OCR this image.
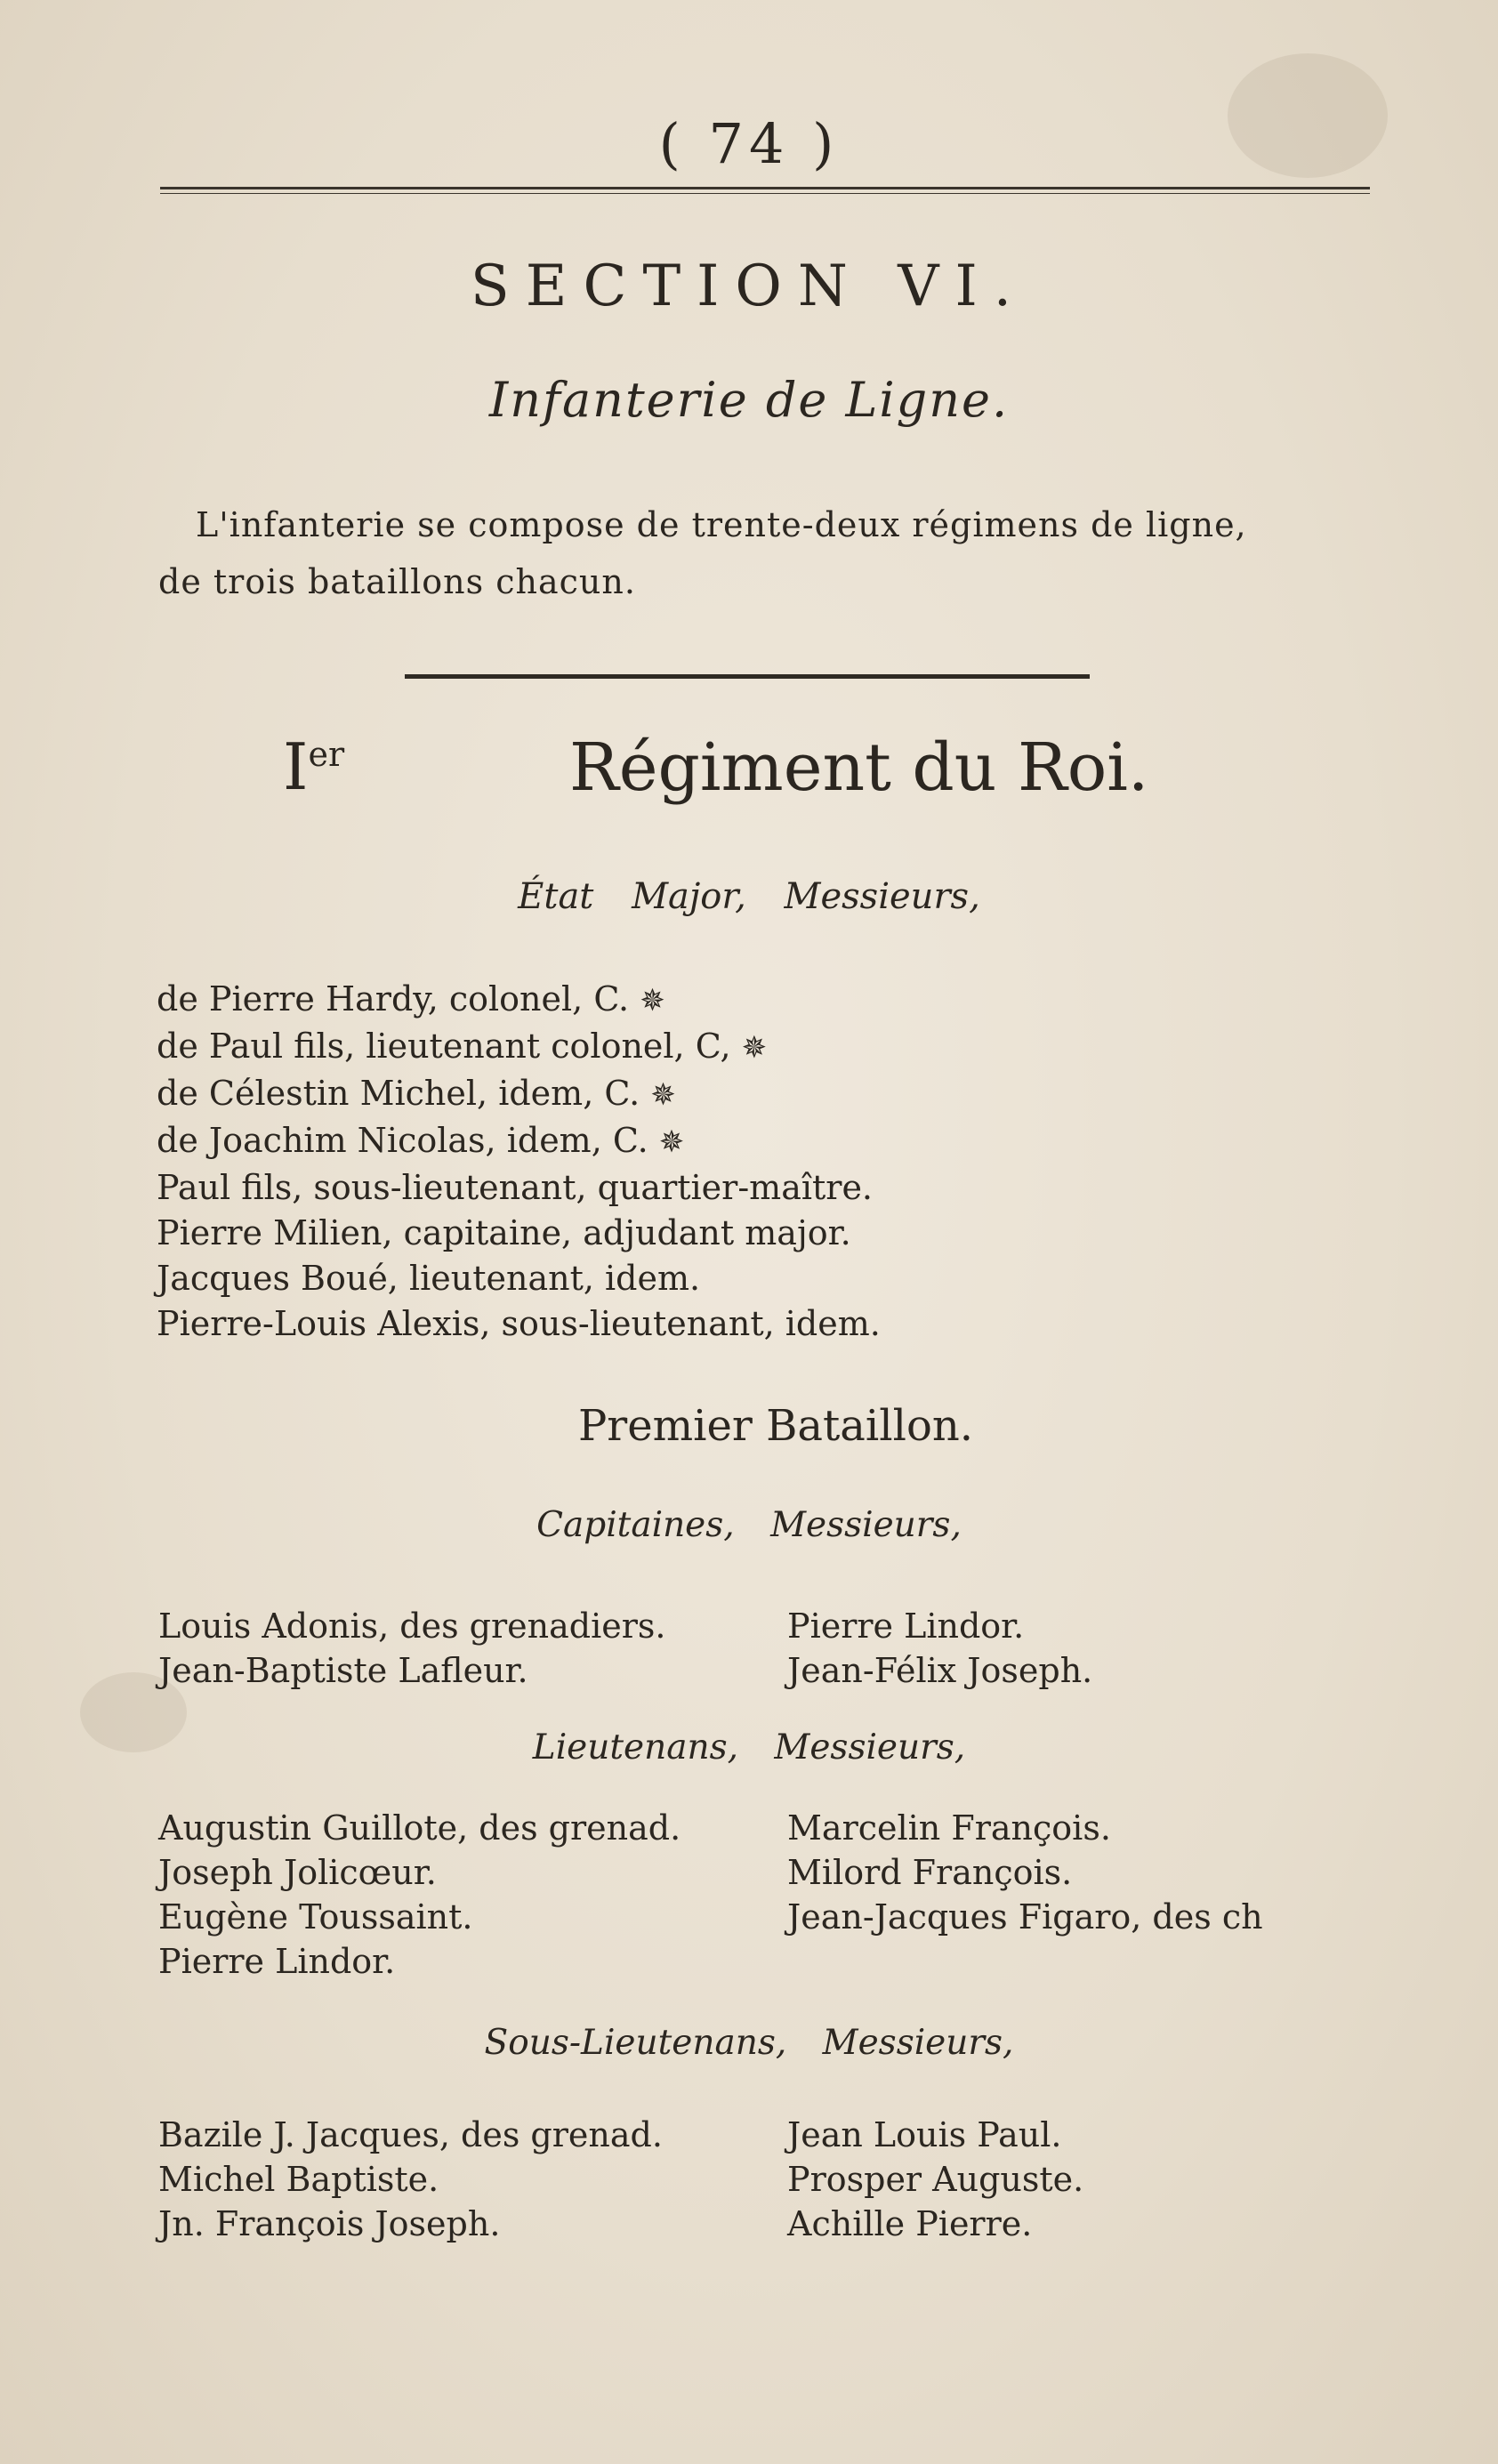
( 74 )
SECTION VI.
Infanterie de Ligne.
L'infanterie se compose de trente-deux régimens de ligne,
de trois bataillons chacun.
Ier	Régiment du Roi.
État Major, Messieurs,
de Pierre Hardy, colonel, C. ✵
de Paul fils, lieutenant colonel, C, ✵
de Célestin Michel, idem, C. ✵
de Joachim Nicolas, idem, C. ✵
Paul fils, sous-lieutenant, quartier-maître.
Pierre Milien, capitaine, adjudant major.
Jacques Boué, lieutenant, idem.
Pierre-Louis Alexis, sous-lieutenant, idem.
Premier Bataillon.
Capitaines, Messieurs,
Louis Adonis, des grenadiers.
Jean-Baptiste Lafleur.
Pierre Lindor.
Jean-Félix Joseph.
Lieutenans, Messieurs,
Augustin Guillote, des grenad.
Joseph Jolicœur.
Eugène Toussaint.
Pierre Lindor.
Marcelin François.
Milord François.
Jean-Jacques Figaro, des ch
Sous-Lieutenans, Messieurs,
Bazile J. Jacques, des grenad.
Michel Baptiste.
Jn. François Joseph.
Jean Louis Paul.
Prosper Auguste.
Achille Pierre.
